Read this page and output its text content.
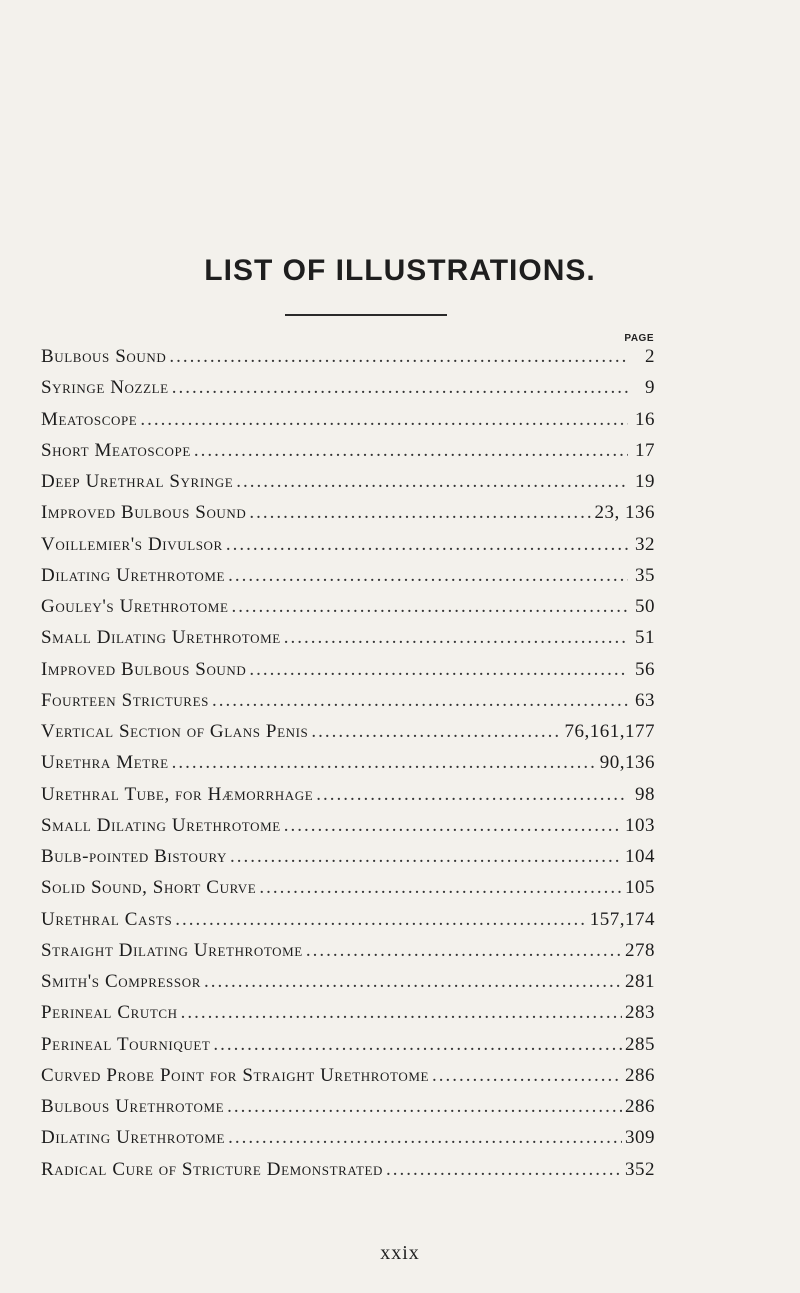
LIST OF ILLUSTRATIONS.
PAGE
Bulbous Sound .....	2
Syringe Nozzle .....	9
Meatoscope .....	16
Short Meatoscope .....	17
Deep Urethral Syringe .....	19
Improved Bulbous Sound .....	23, 136
Voillemier's Divulsor .....	32
Dilating Urethrotome .....	35
Gouley's Urethrotome .....	50
Small Dilating Urethrotome .....	51
Improved Bulbous Sound .....	56
Fourteen Strictures .....	63
Vertical Section of Glans Penis .....	76,161,177
Urethra Metre .....	90,136
Urethral Tube, for Hæmorrhage .....	98
Small Dilating Urethrotome .....	103
Bulb-pointed Bistoury .....	104
Solid Sound, Short Curve .....	105
Urethral Casts .....	157,174
Straight Dilating Urethrotome .....	278
Smith's Compressor .....	281
Perineal Crutch .....	283
Perineal Tourniquet .....	285
Curved Probe Point for Straight Urethrotome .....	286
Bulbous Urethrotome .....	286
Dilating Urethrotome .....	309
Radical Cure of Stricture Demonstrated .....	352
xxix
